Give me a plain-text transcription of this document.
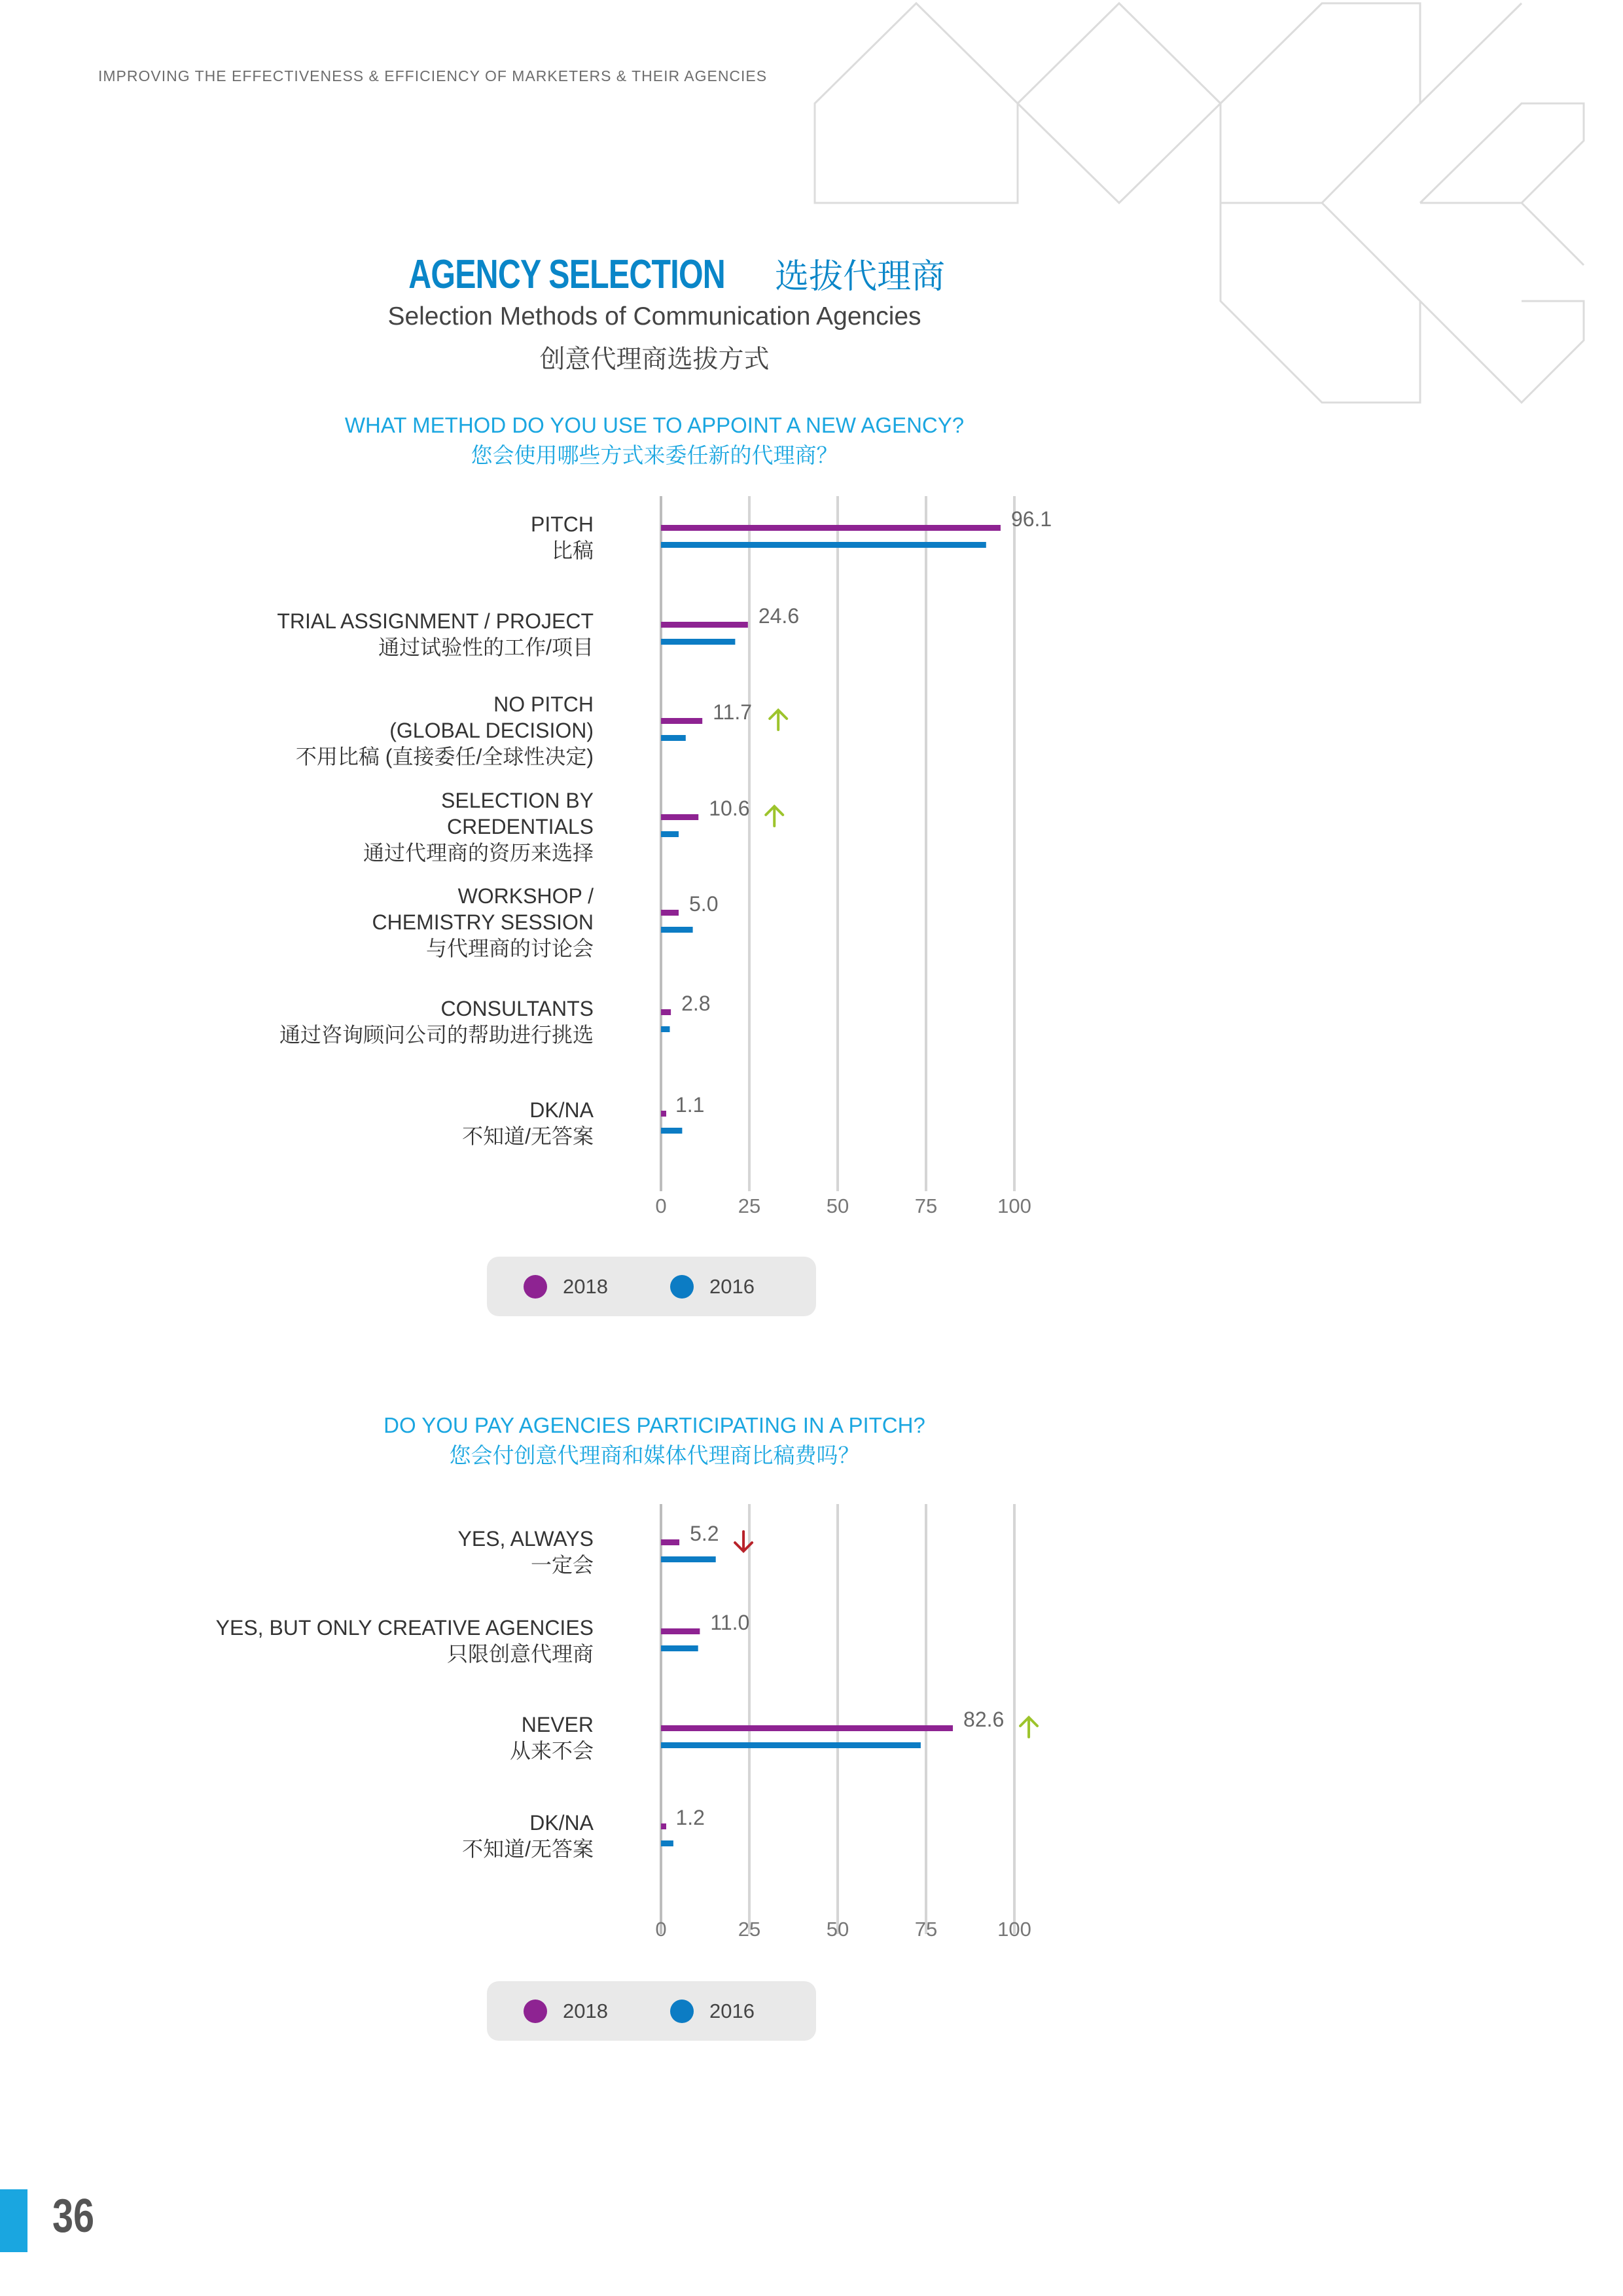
IMPROVING THE EFFECTIVENESS & EFFICIENCY OF MARKETERS & THEIR AGENCIES
AGENCY SELECTION 选拔代理商
Selection Methods of Communication Agencies
创意代理商选拔方式
WHAT METHOD DO YOU USE TO APPOINT A NEW AGENCY?
您会使用哪些方式来委任新的代理商？
0	25	50	75	100
PITCH
比稿
96.1
TRIAL ASSIGNMENT / PROJECT
通过试验性的工作/项目
24.6
NO PITCH
(GLOBAL DECISION)
不用比稿 (直接委任/全球性决定)
11.7
SELECTION BY
CREDENTIALS
通过代理商的资历来选择
10.6
WORKSHOP /
CHEMISTRY SESSION
与代理商的讨论会
5.0
CONSULTANTS
通过咨询顾问公司的帮助进行挑选
2.8
DK/NA
不知道/无答案
1.1
2018	2016
DO YOU PAY AGENCIES PARTICIPATING IN A PITCH?
您会付创意代理商和媒体代理商比稿费吗？
0	25	50	75	100
YES, ALWAYS
一定会
5.2
YES, BUT ONLY CREATIVE AGENCIES
只限创意代理商
11.0
NEVER
从来不会
82.6
DK/NA
不知道/无答案
1.2
2018	2016
36
